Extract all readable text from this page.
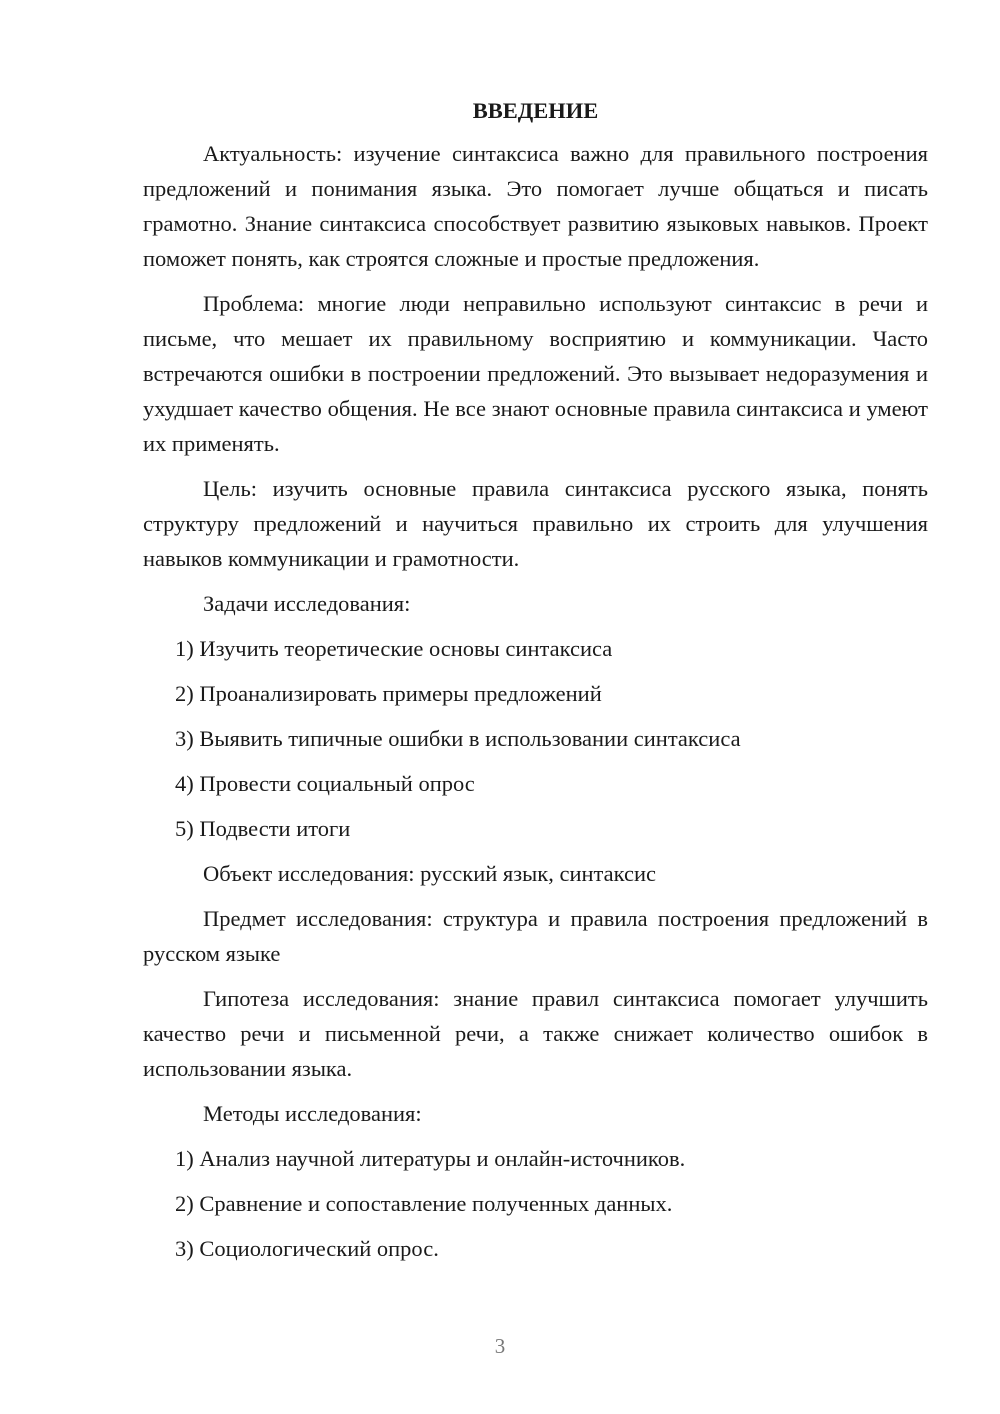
ВВЕДЕНИЕ
Актуальность: изучение синтаксиса важно для правильного построения предложений и понимания языка. Это помогает лучше общаться и писать грамотно. Знание синтаксиса способствует развитию языковых навыков. Проект поможет понять, как строятся сложные и простые предложения.
Проблема: многие люди неправильно используют синтаксис в речи и письме, что мешает их правильному восприятию и коммуникации. Часто встречаются ошибки в построении предложений. Это вызывает недоразумения и ухудшает качество общения. Не все знают основные правила синтаксиса и умеют их применять.
Цель: изучить основные правила синтаксиса русского языка, понять структуру предложений и научиться правильно их строить для улучшения навыков коммуникации и грамотности.
Задачи исследования:
1) Изучить теоретические основы синтаксиса
2) Проанализировать примеры предложений
3) Выявить типичные ошибки в использовании синтаксиса
4) Провести социальный опрос
5) Подвести итоги
Объект исследования: русский язык, синтаксис
Предмет исследования: структура и правила построения предложений в русском языке
Гипотеза исследования: знание правил синтаксиса помогает улучшить качество речи и письменной речи, а также снижает количество ошибок в использовании языка.
Методы исследования:
1) Анализ научной литературы и онлайн-источников.
2) Сравнение и сопоставление полученных данных.
3) Социологический опрос.
3
